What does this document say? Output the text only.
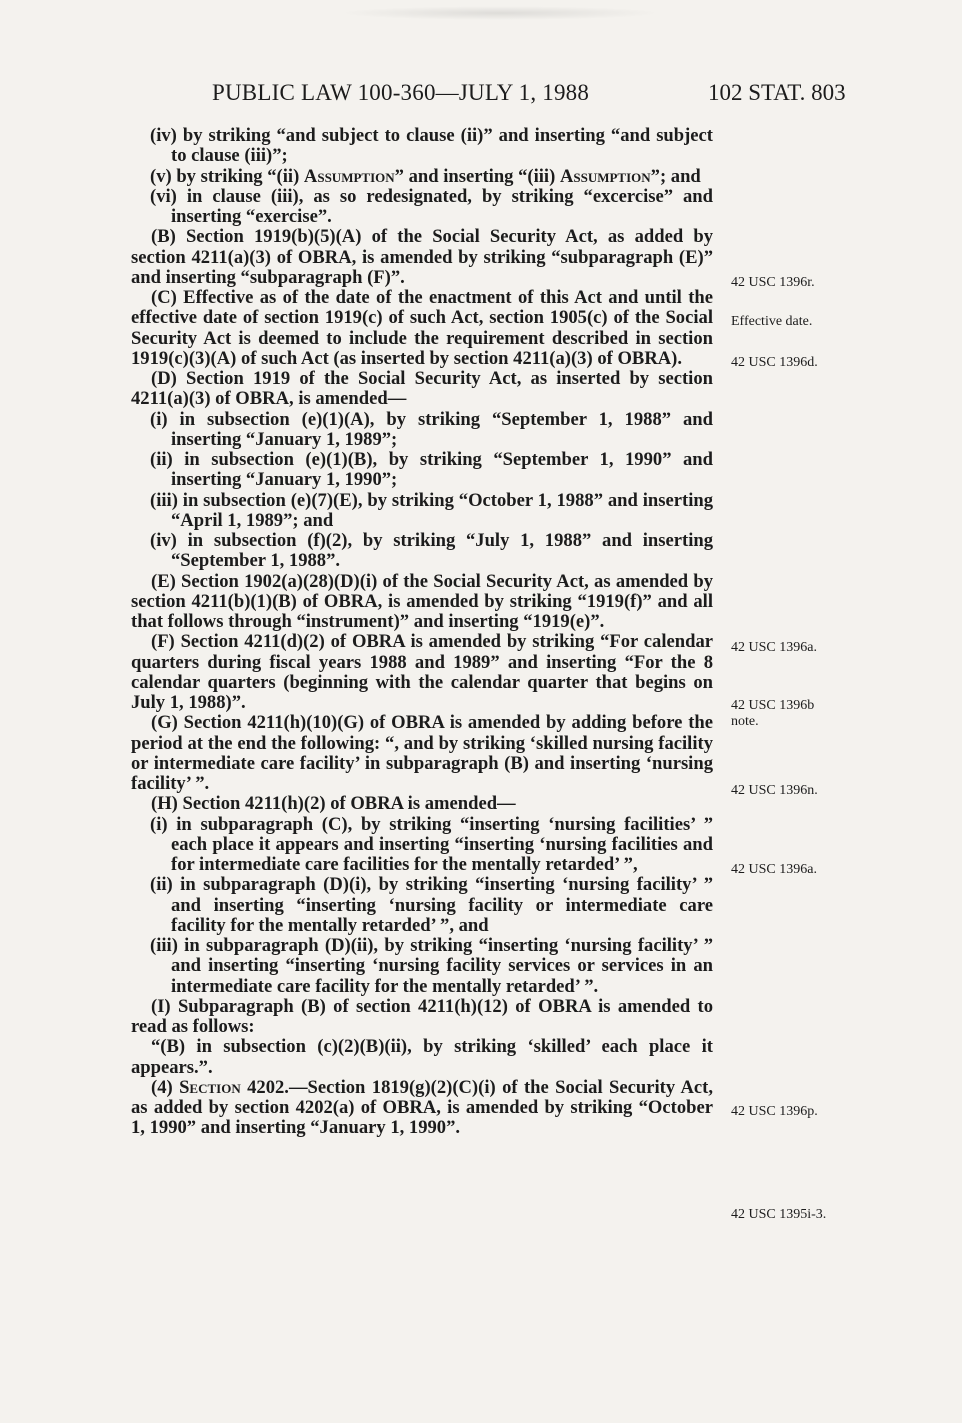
PUBLIC LAW 100-360—JULY 1, 1988	102 STAT. 803

(iv) by striking “and subject to clause (ii)” and inserting “and subject to clause (iii)”;

(v) by striking “(ii) Assumption” and inserting “(iii) Assumption”; and

(vi) in clause (iii), as so redesignated, by striking “excercise” and inserting “exercise”.

(B) Section 1919(b)(5)(A) of the Social Security Act, as added by section 4211(a)(3) of OBRA, is amended by striking “subparagraph (E)” and inserting “subparagraph (F)”.

(C) Effective as of the date of the enactment of this Act and until the effective date of section 1919(c) of such Act, section 1905(c) of the Social Security Act is deemed to include the requirement described in section 1919(c)(3)(A) of such Act (as inserted by section 4211(a)(3) of OBRA).

(D) Section 1919 of the Social Security Act, as inserted by section 4211(a)(3) of OBRA, is amended—

(i) in subsection (e)(1)(A), by striking “September 1, 1988” and inserting “January 1, 1989”;

(ii) in subsection (e)(1)(B), by striking “September 1, 1990” and inserting “January 1, 1990”;

(iii) in subsection (e)(7)(E), by striking “October 1, 1988” and inserting “April 1, 1989”; and

(iv) in subsection (f)(2), by striking “July 1, 1988” and inserting “September 1, 1988”.

(E) Section 1902(a)(28)(D)(i) of the Social Security Act, as amended by section 4211(b)(1)(B) of OBRA, is amended by striking “1919(f)” and all that follows through “instrument)” and inserting “1919(e)”.

(F) Section 4211(d)(2) of OBRA is amended by striking “For calendar quarters during fiscal years 1988 and 1989” and inserting “For the 8 calendar quarters (beginning with the calendar quarter that begins on July 1, 1988)”.

(G) Section 4211(h)(10)(G) of OBRA is amended by adding before the period at the end the following: “, and by striking ‘skilled nursing facility or intermediate care facility’ in subparagraph (B) and inserting ‘nursing facility’ ”.

(H) Section 4211(h)(2) of OBRA is amended—

(i) in subparagraph (C), by striking “inserting ‘nursing facilities’ ” each place it appears and inserting “inserting ‘nursing facilities and for intermediate care facilities for the mentally retarded’ ”,

(ii) in subparagraph (D)(i), by striking “inserting ‘nursing facility’ ” and inserting “inserting ‘nursing facility or intermediate care facility for the mentally retarded’ ”, and

(iii) in subparagraph (D)(ii), by striking “inserting ‘nursing facility’ ” and inserting “inserting ‘nursing facility services or services in an intermediate care facility for the mentally retarded’ ”.

(I) Subparagraph (B) of section 4211(h)(12) of OBRA is amended to read as follows:

“(B) in subsection (c)(2)(B)(ii), by striking ‘skilled’ each place it appears.”.

(4) Section 4202.—Section 1819(g)(2)(C)(i) of the Social Security Act, as added by section 4202(a) of OBRA, is amended by striking “October 1, 1990” and inserting “January 1, 1990”.

42 USC 1396r.
Effective date.
42 USC 1396d.
42 USC 1396a.
42 USC 1396b note.
42 USC 1396n.
42 USC 1396a.
42 USC 1396p.
42 USC 1395i-3.
